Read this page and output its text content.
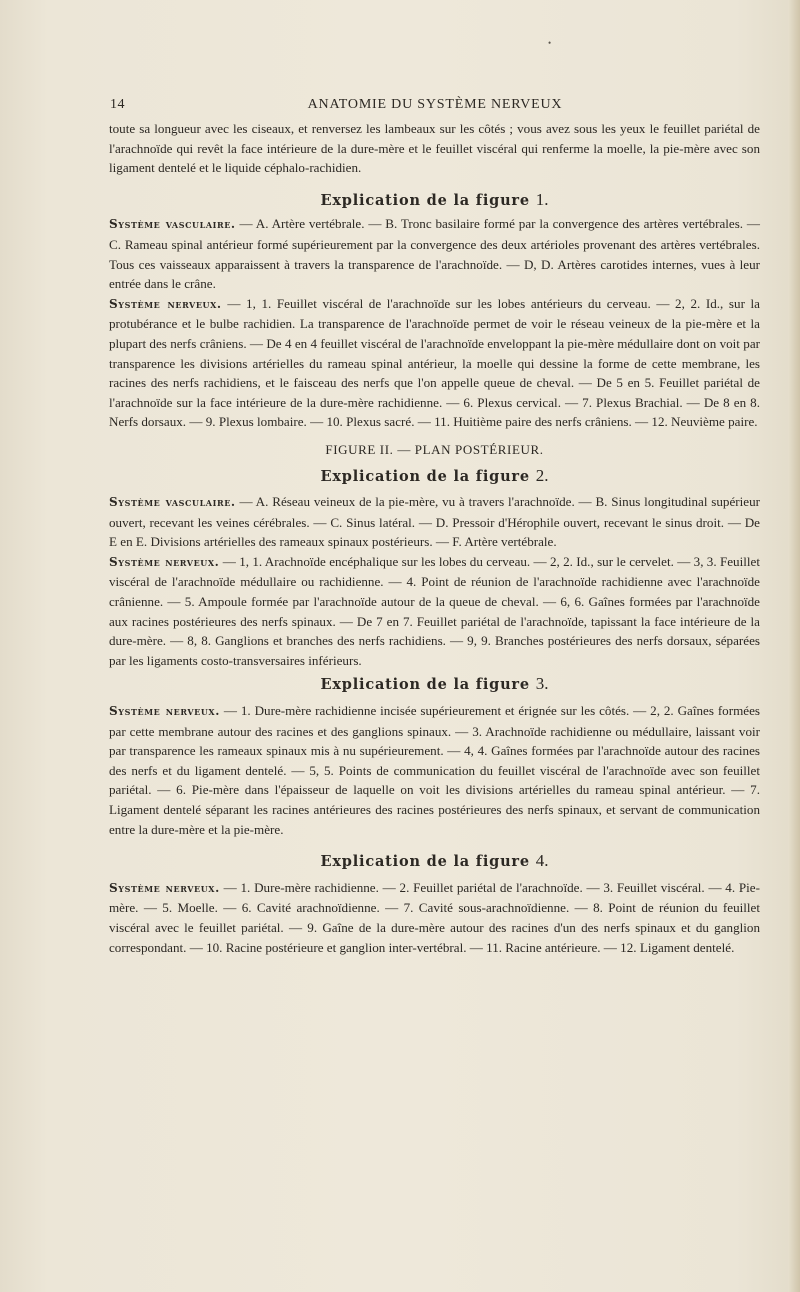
•
14	ANATOMIE DU SYSTÈME NERVEUX

toute sa longueur avec les ciseaux, et renversez les lambeaux sur les côtés ; vous avez sous les yeux le feuillet pariétal de l'arachnoïde qui revêt la face intérieure de la dure-mère et le feuillet viscéral qui renferme la moelle, la pie-mère avec son ligament dentelé et le liquide céphalo-rachidien.

Explication de la figure 1.

Système vasculaire. — A. Artère vertébrale. — B. Tronc basilaire formé par la convergence des artères vertébrales. — C. Rameau spinal antérieur formé supérieurement par la convergence des deux artérioles provenant des artères vertébrales. Tous ces vaisseaux apparaissent à travers la transparence de l'arachnoïde. — D, D. Artères carotides internes, vues à leur entrée dans le crâne.

Système nerveux. — 1, 1. Feuillet viscéral de l'arachnoïde sur les lobes antérieurs du cerveau. — 2, 2. Id., sur la protubérance et le bulbe rachidien. La transparence de l'arachnoïde permet de voir le réseau veineux de la pie-mère et la plupart des nerfs crâniens. — De 4 en 4 feuillet viscéral de l'arachnoïde enveloppant la pie-mère médullaire dont on voit par transparence les divisions artérielles du rameau spinal antérieur, la moelle qui dessine la forme de cette membrane, les racines des nerfs rachidiens, et le faisceau des nerfs que l'on appelle queue de cheval. — De 5 en 5. Feuillet pariétal de l'arachnoïde sur la face intérieure de la dure-mère rachidienne. — 6. Plexus cervical. — 7. Plexus Brachial. — De 8 en 8. Nerfs dorsaux. — 9. Plexus lombaire. — 10. Plexus sacré. — 11. Huitième paire des nerfs crâniens. — 12. Neuvième paire.

FIGURE II. — PLAN POSTÉRIEUR.
Explication de la figure 2.

Système vasculaire. — A. Réseau veineux de la pie-mère, vu à travers l'arachnoïde. — B. Sinus longitudinal supérieur ouvert, recevant les veines cérébrales. — C. Sinus latéral. — D. Pressoir d'Hérophile ouvert, recevant le sinus droit. — De E en E. Divisions artérielles des rameaux spinaux postérieurs. — F. Artère vertébrale.

Système nerveux. — 1, 1. Arachnoïde encéphalique sur les lobes du cerveau. — 2, 2. Id., sur le cervelet. — 3, 3. Feuillet viscéral de l'arachnoïde médullaire ou rachidienne. — 4. Point de réunion de l'arachnoïde rachidienne avec l'arachnoïde crânienne. — 5. Ampoule formée par l'arachnoïde autour de la queue de cheval. — 6, 6. Gaînes formées par l'arachnoïde aux racines postérieures des nerfs spinaux. — De 7 en 7. Feuillet pariétal de l'arachnoïde, tapissant la face intérieure de la dure-mère. — 8, 8. Ganglions et branches des nerfs rachidiens. — 9, 9. Branches postérieures des nerfs dorsaux, séparées par les ligaments costo-transversaires inférieurs.

Explication de la figure 3.

Système nerveux. — 1. Dure-mère rachidienne incisée supérieurement et érignée sur les côtés. — 2, 2. Gaînes formées par cette membrane autour des racines et des ganglions spinaux. — 3. Arachnoïde rachidienne ou médullaire, laissant voir par transparence les rameaux spinaux mis à nu supérieurement. — 4, 4. Gaînes formées par l'arachnoïde autour des racines des nerfs et du ligament dentelé. — 5, 5. Points de communication du feuillet viscéral de l'arachnoïde avec son feuillet pariétal. — 6. Pie-mère dans l'épaisseur de laquelle on voit les divisions artérielles du rameau spinal antérieur. — 7. Ligament dentelé séparant les racines antérieures des racines postérieures des nerfs spinaux, et servant de communication entre la dure-mère et la pie-mère.

Explication de la figure 4.

Système nerveux. — 1. Dure-mère rachidienne. — 2. Feuillet pariétal de l'arachnoïde. — 3. Feuillet viscéral. — 4. Pie-mère. — 5. Moelle. — 6. Cavité arachnoïdienne. — 7. Cavité sous-arachnoïdienne. — 8. Point de réunion du feuillet viscéral avec le feuillet pariétal. — 9. Gaîne de la dure-mère autour des racines d'un des nerfs spinaux et du ganglion correspondant. — 10. Racine postérieure et ganglion inter-vertébral. — 11. Racine antérieure. — 12. Ligament dentelé.
